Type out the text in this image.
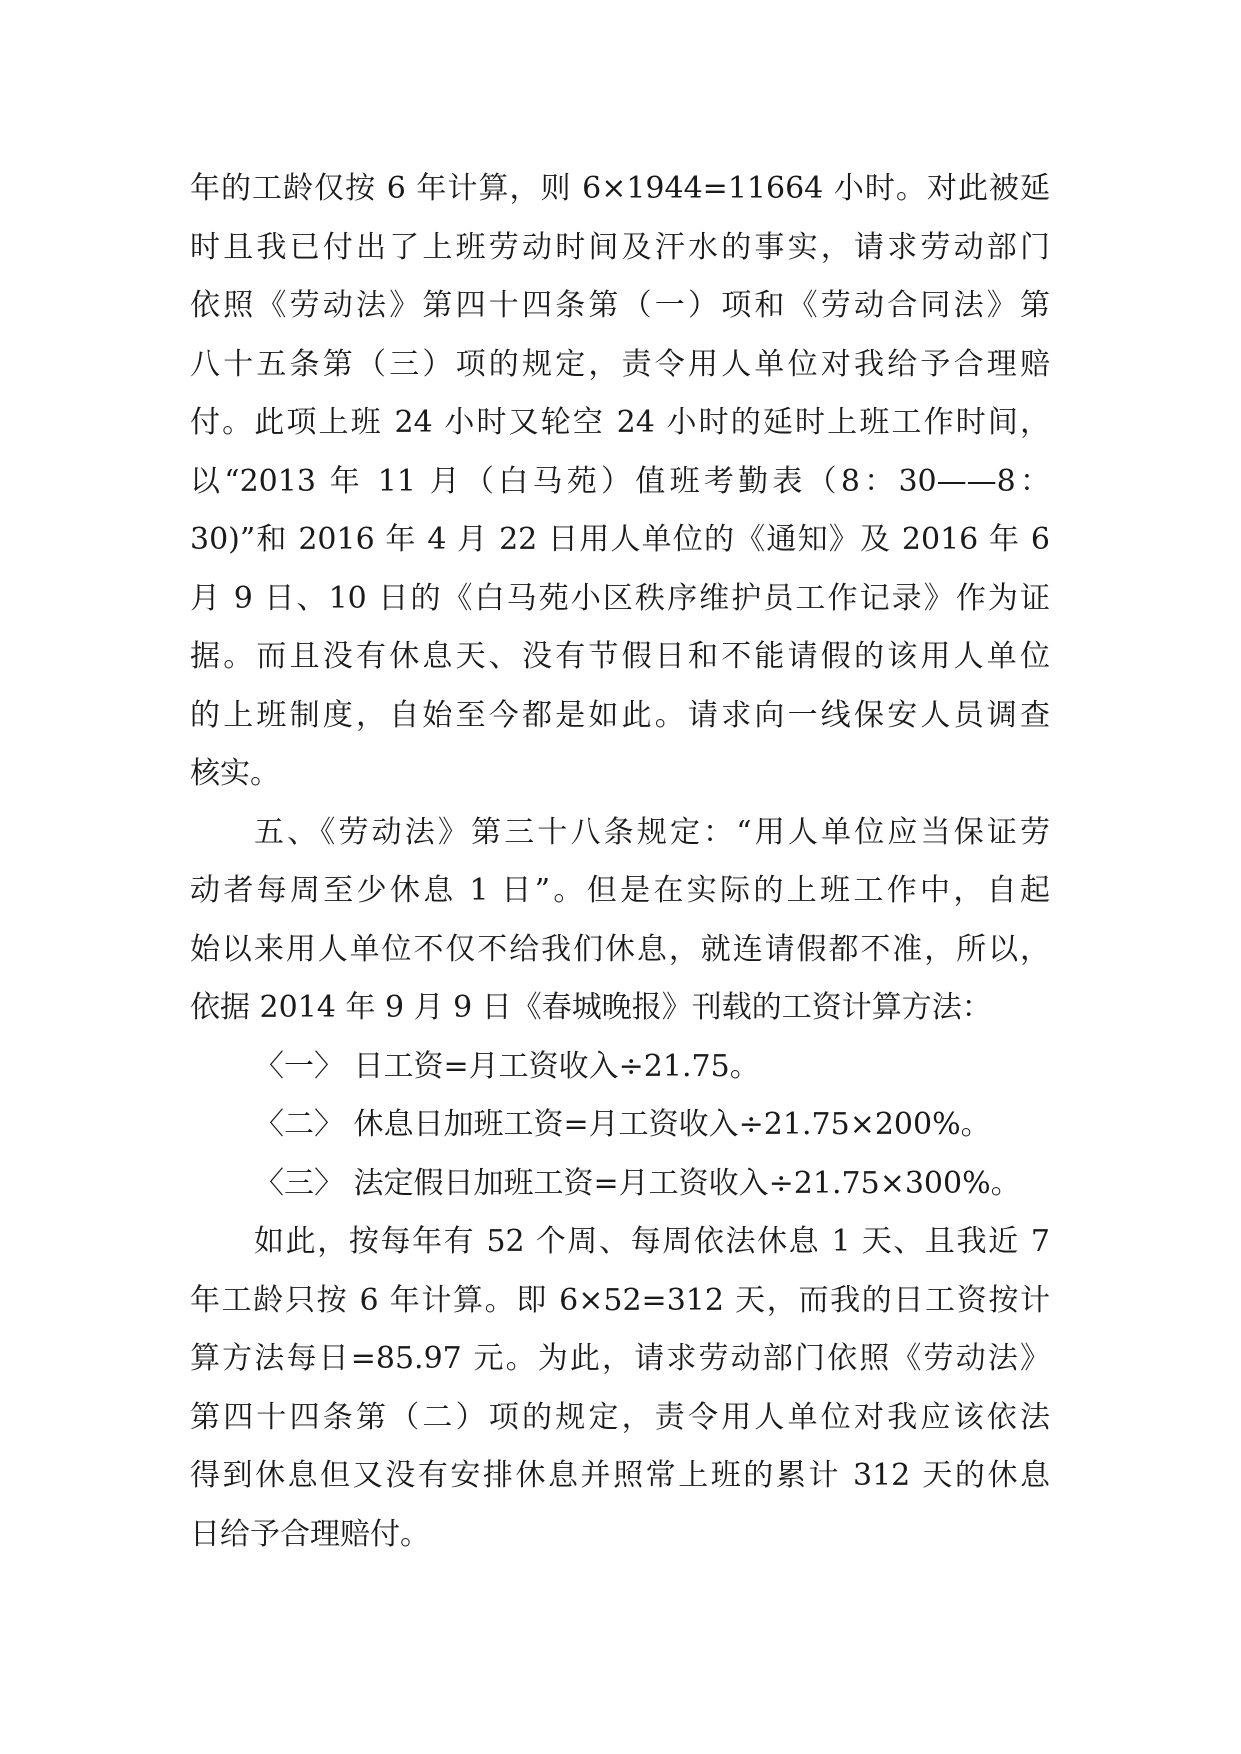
年的工龄仅按 6 年计算，则 6×1944=11664 小时。对此被延
时且我已付出了上班劳动时间及汗水的事实，请求劳动部门
依照《劳动法》第四十四条第（一）项和《劳动合同法》第
八十五条第（三）项的规定，责令用人单位对我给予合理赔
付。此项上班 24 小时又轮空 24 小时的延时上班工作时间，
以“2013 年 11 月（白马苑）值班考勤表（8：30——8：
30)”和 2016 年 4 月 22 日用人单位的《通知》及 2016 年 6
月 9 日、10 日的《白马苑小区秩序维护员工作记录》作为证
据。而且没有休息天、没有节假日和不能请假的该用人单位
的上班制度，自始至今都是如此。请求向一线保安人员调查
核实。
五、《劳动法》第三十八条规定：“用人单位应当保证劳
动者每周至少休息 1 日”。但是在实际的上班工作中，自起
始以来用人单位不仅不给我们休息，就连请假都不准，所以，
依据 2014 年 9 月 9 日《春城晚报》刊载的工资计算方法：
〈一〉 日工资=月工资收入÷21.75。
〈二〉 休息日加班工资=月工资收入÷21.75×200%。
〈三〉 法定假日加班工资=月工资收入÷21.75×300%。
如此，按每年有 52 个周、每周依法休息 1 天、且我近 7
年工龄只按 6 年计算。即 6×52=312 天，而我的日工资按计
算方法每日=85.97 元。为此，请求劳动部门依照《劳动法》
第四十四条第（二）项的规定，责令用人单位对我应该依法
得到休息但又没有安排休息并照常上班的累计 312 天的休息
日给予合理赔付。
